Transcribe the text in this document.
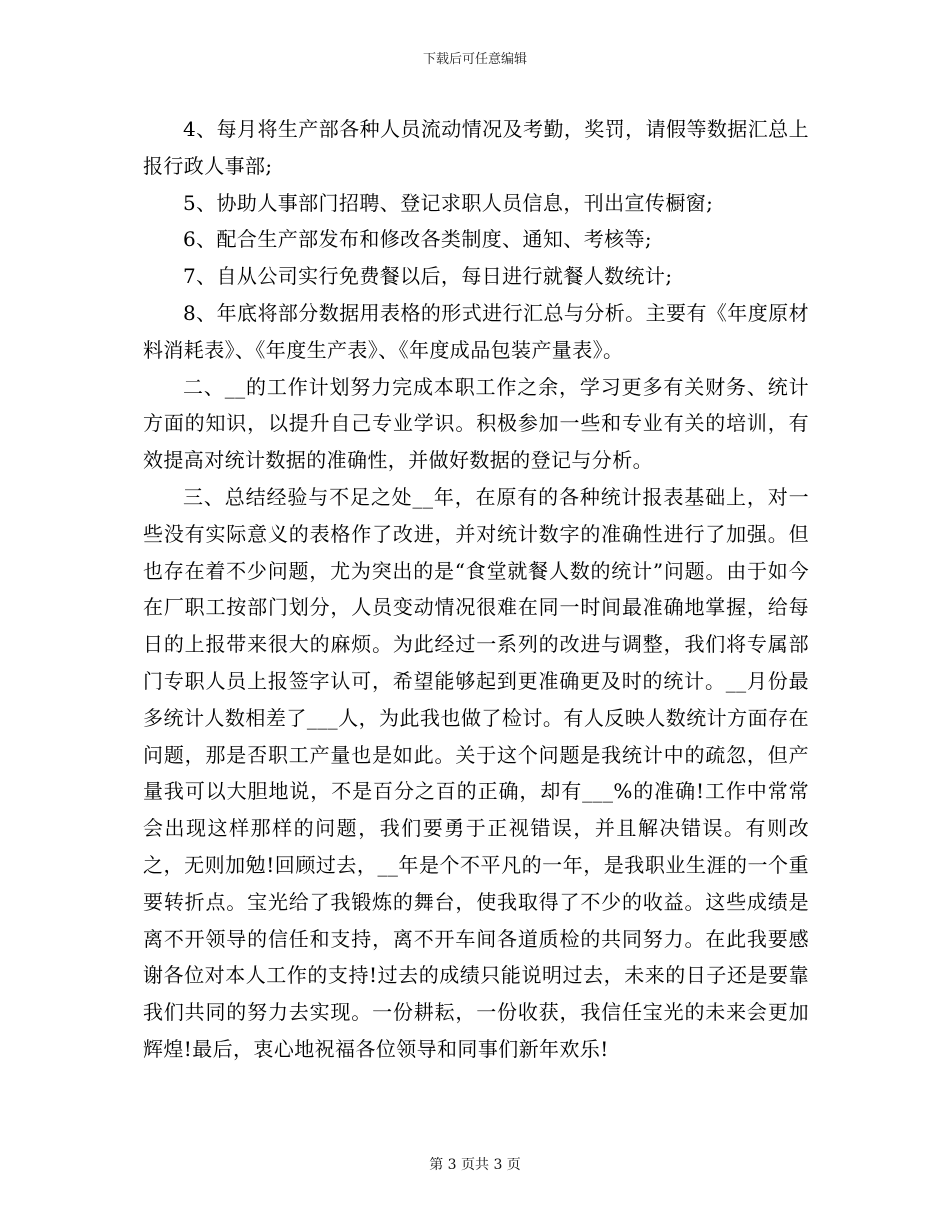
下载后可任意编辑

4、每月将生产部各种人员流动情况及考勤，奖罚，请假等数据汇总上报行政人事部;

5、协助人事部门招聘、登记求职人员信息，刊出宣传橱窗;

6、配合生产部发布和修改各类制度、通知、考核等;

7、自从公司实行免费餐以后，每日进行就餐人数统计;

8、年底将部分数据用表格的形式进行汇总与分析。主要有《年度原材料消耗表》、《年度生产表》、《年度成品包装产量表》。

二、__的工作计划努力完成本职工作之余，学习更多有关财务、统计方面的知识，以提升自己专业学识。积极参加一些和专业有关的培训，有效提高对统计数据的准确性，并做好数据的登记与分析。

三、总结经验与不足之处__年，在原有的各种统计报表基础上，对一些没有实际意义的表格作了改进，并对统计数字的准确性进行了加强。但也存在着不少问题，尤为突出的是“食堂就餐人数的统计”问题。由于如今在厂职工按部门划分，人员变动情况很难在同一时间最准确地掌握，给每日的上报带来很大的麻烦。为此经过一系列的改进与调整，我们将专属部门专职人员上报签字认可，希望能够起到更准确更及时的统计。__月份最多统计人数相差了___人，为此我也做了检讨。有人反映人数统计方面存在问题，那是否职工产量也是如此。关于这个问题是我统计中的疏忽，但产量我可以大胆地说，不是百分之百的正确，却有___%的准确!工作中常常会出现这样那样的问题，我们要勇于正视错误，并且解决错误。有则改之，无则加勉!回顾过去，__年是个不平凡的一年，是我职业生涯的一个重要转折点。宝光给了我锻炼的舞台，使我取得了不少的收益。这些成绩是离不开领导的信任和支持，离不开车间各道质检的共同努力。在此我要感谢各位对本人工作的支持!过去的成绩只能说明过去，未来的日子还是要靠我们共同的努力去实现。一份耕耘，一份收获，我信任宝光的未来会更加辉煌!最后，衷心地祝福各位领导和同事们新年欢乐!

第 3 页共 3 页
